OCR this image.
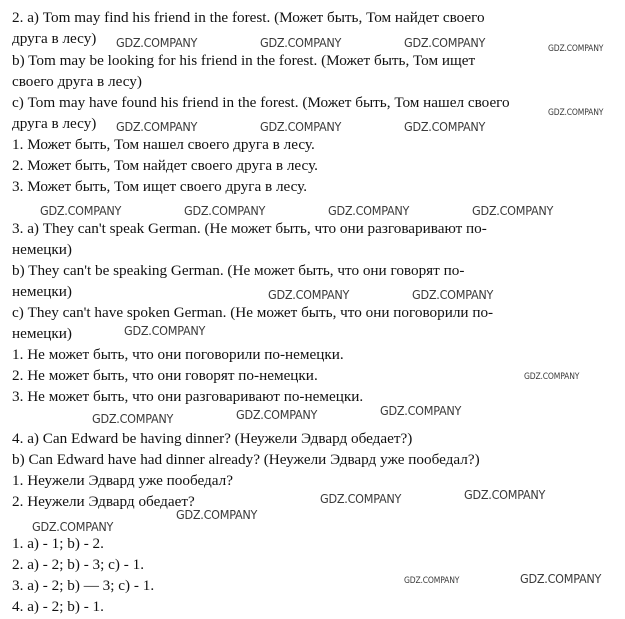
2. а) Tom may find his friend in the forest. (Может быть, Том найдет своего
друга в лесу)
b) Tom may be looking for his friend in the forest. (Может быть, Том ищет
своего друга в лесу)
с) Tom may have found his friend in the forest. (Может быть, Том нашел своего
друга в лесу)
1. Может быть, Том нашел своего друга в лесу.
2. Может быть, Том найдет своего друга в лесу.
3. Может быть, Том ищет своего друга в лесу.
3. а) They can't speak German. (Не может быть, что они разговаривают по-
немецки)
b) They can't be speaking German. (Не может быть, что они говорят по-
немецки)
с) They can't have spoken German. (Не может быть, что они поговорили по-
немецки)
1. Не может быть, что они поговорили по-немецки.
2. Не может быть, что они говорят по-немецки.
3. Не может быть, что они разговаривают по-немецки.
4. а) Can Edward be having dinner? (Неужели Эдвард обедает?)
b) Can Edward have had dinner already? (Неужели Эдвард уже пообедал?)
1. Неужели Эдвард уже пообедал?
2. Неужели Эдвард обедает?
1. а) - 1; b) - 2.
2. а) - 2; b) - 3; с) - 1.
3. а) - 2; b) — 3; с) - 1.
4. а) - 2; b) - 1.
GDZ.COMPANY	GDZ.COMPANY	GDZ.COMPANY	GDZ.COMPANY
GDZ.COMPANY
GDZ.COMPANY	GDZ.COMPANY	GDZ.COMPANY
GDZ.COMPANY	GDZ.COMPANY	GDZ.COMPANY	GDZ.COMPANY
GDZ.COMPANY	GDZ.COMPANY
GDZ.COMPANY
GDZ.COMPANY
GDZ.COMPANY
GDZ.COMPANY
GDZ.COMPANY
GDZ.COMPANY
GDZ.COMPANY
GDZ.COMPANY
GDZ.COMPANY
GDZ.COMPANY
GDZ.COMPANY
